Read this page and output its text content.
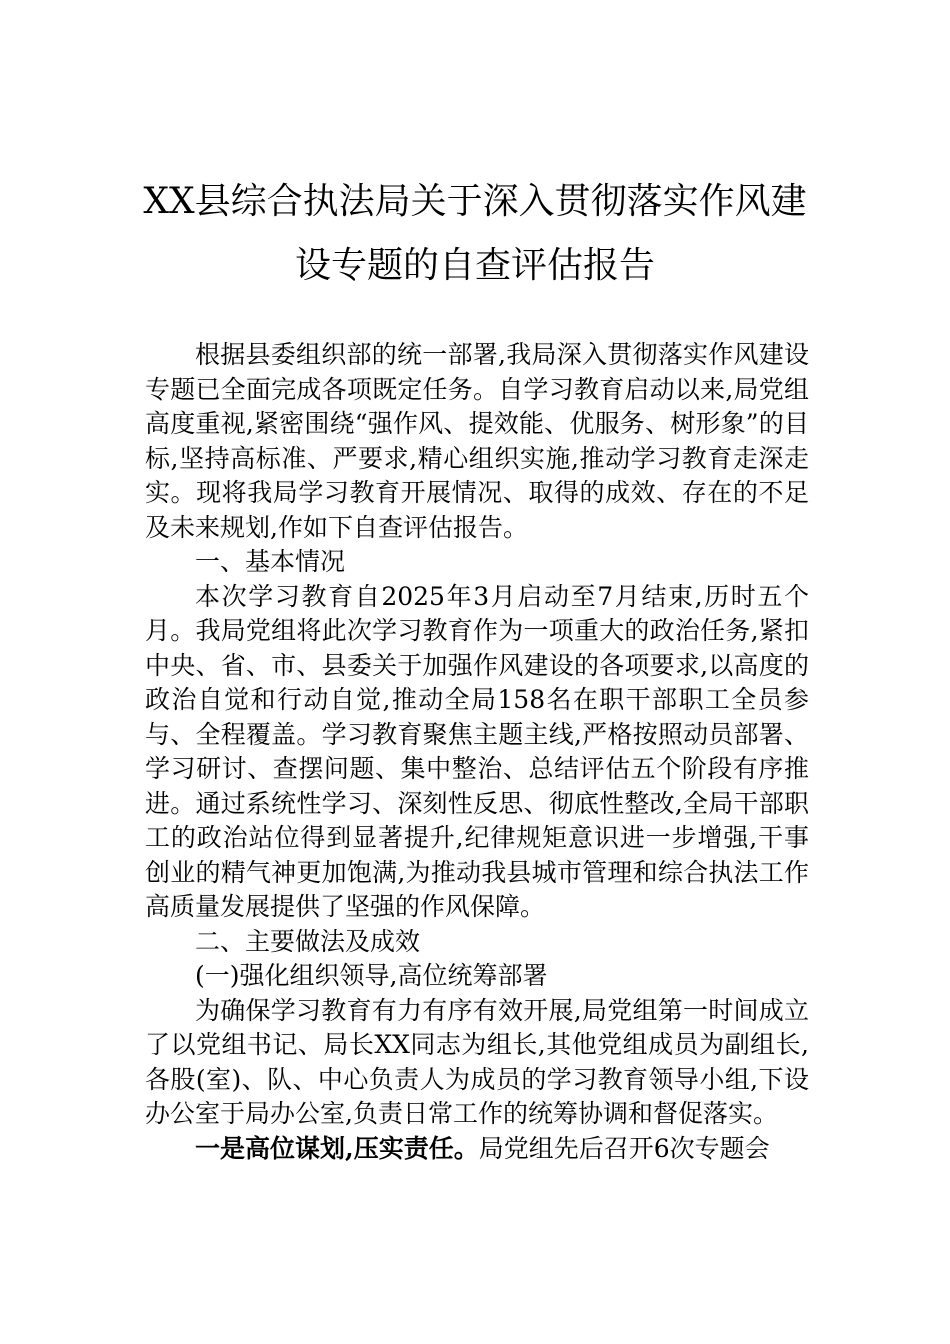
XX县综合执法局关于深入贯彻落实作风建
设专题的自查评估报告

根据县委组织部的统一部署,我局深入贯彻落实作风建设专题已全面完成各项既定任务。自学习教育启动以来,局党组高度重视,紧密围绕“强作风、提效能、优服务、树形象”的目标,坚持高标准、严要求,精心组织实施,推动学习教育走深走实。现将我局学习教育开展情况、取得的成效、存在的不足及未来规划,作如下自查评估报告。

一、基本情况

本次学习教育自2025年3月启动至7月结束,历时五个月。我局党组将此次学习教育作为一项重大的政治任务,紧扣中央、省、市、县委关于加强作风建设的各项要求,以高度的政治自觉和行动自觉,推动全局158名在职干部职工全员参与、全程覆盖。学习教育聚焦主题主线,严格按照动员部署、学习研讨、查摆问题、集中整治、总结评估五个阶段有序推进。通过系统性学习、深刻性反思、彻底性整改,全局干部职工的政治站位得到显著提升,纪律规矩意识进一步增强,干事创业的精气神更加饱满,为推动我县城市管理和综合执法工作高质量发展提供了坚强的作风保障。

二、主要做法及成效

(一)强化组织领导,高位统筹部署

为确保学习教育有力有序有效开展,局党组第一时间成立了以党组书记、局长XX同志为组长,其他党组成员为副组长,各股(室)、队、中心负责人为成员的学习教育领导小组,下设办公室于局办公室,负责日常工作的统筹协调和督促落实。

一是高位谋划,压实责任。局党组先后召开6次专题会
